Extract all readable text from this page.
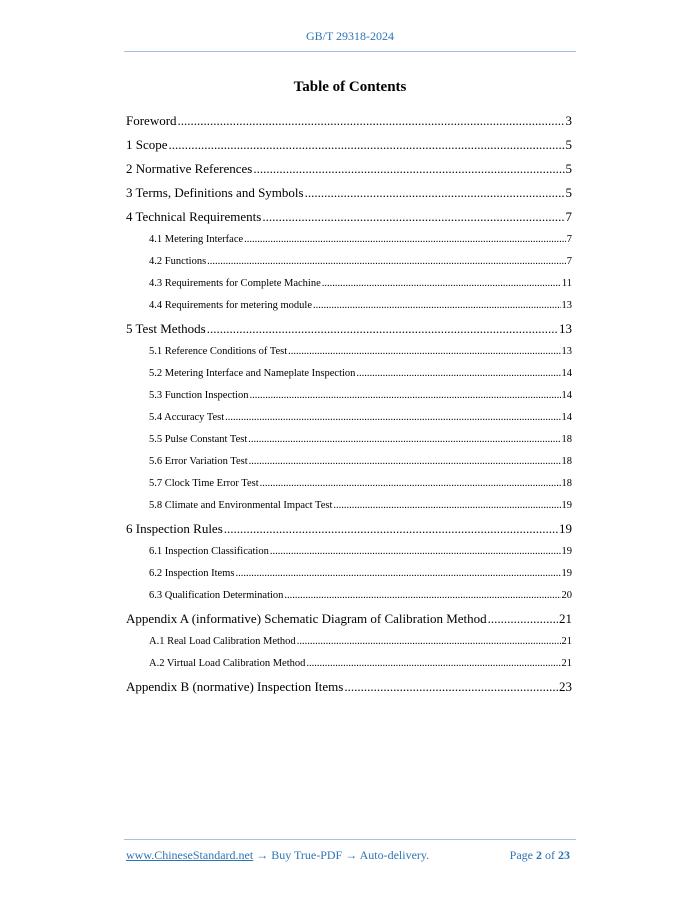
GB/T 29318-2024
Table of Contents
Foreword .....	3
1 Scope .....	5
2 Normative References .....	5
3 Terms, Definitions and Symbols .....	5
4 Technical Requirements .....	7
4.1 Metering Interface .....	7
4.2 Functions .....	7
4.3 Requirements for Complete Machine .....	11
4.4 Requirements for metering module .....	13
5 Test Methods .....	13
5.1 Reference Conditions of Test .....	13
5.2 Metering Interface and Nameplate Inspection .....	14
5.3 Function Inspection .....	14
5.4 Accuracy Test .....	14
5.5 Pulse Constant Test .....	18
5.6 Error Variation Test .....	18
5.7 Clock Time Error Test .....	18
5.8 Climate and Environmental Impact Test .....	19
6 Inspection Rules .....	19
6.1 Inspection Classification .....	19
6.2 Inspection Items .....	19
6.3 Qualification Determination .....	20
Appendix A (informative) Schematic Diagram of Calibration Method .....	21
A.1 Real Load Calibration Method .....	21
A.2 Virtual Load Calibration Method .....	21
Appendix B (normative) Inspection Items .....	23
www.ChineseStandard.net → Buy True-PDF → Auto-delivery.	Page 2 of 23
